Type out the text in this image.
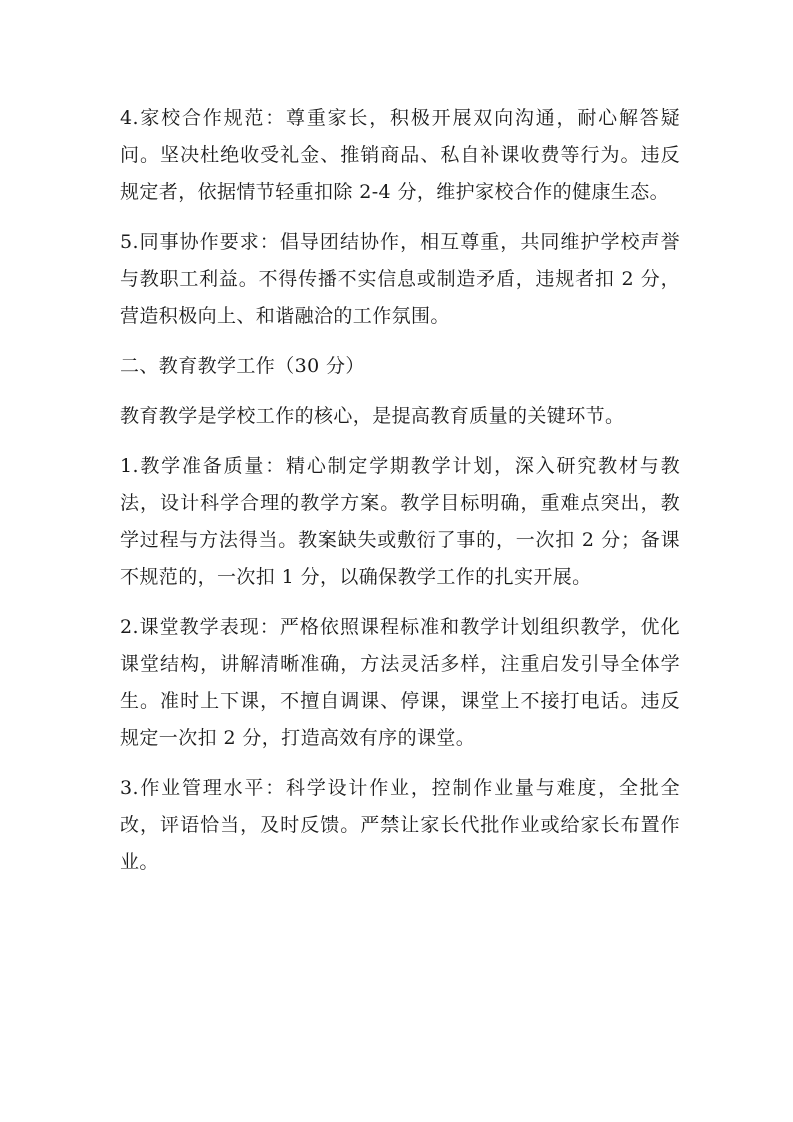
4.家校合作规范：尊重家长，积极开展双向沟通，耐心解答疑问。坚决杜绝收受礼金、推销商品、私自补课收费等行为。违反规定者，依据情节轻重扣除 2-4 分，维护家校合作的健康生态。

5.同事协作要求：倡导团结协作，相互尊重，共同维护学校声誉与教职工利益。不得传播不实信息或制造矛盾，违规者扣 2 分，营造积极向上、和谐融洽的工作氛围。

二、教育教学工作（30 分）

教育教学是学校工作的核心，是提高教育质量的关键环节。

1.教学准备质量：精心制定学期教学计划，深入研究教材与教法，设计科学合理的教学方案。教学目标明确，重难点突出，教学过程与方法得当。教案缺失或敷衍了事的，一次扣 2 分；备课不规范的，一次扣 1 分，以确保教学工作的扎实开展。

2.课堂教学表现：严格依照课程标准和教学计划组织教学，优化课堂结构，讲解清晰准确，方法灵活多样，注重启发引导全体学生。准时上下课，不擅自调课、停课，课堂上不接打电话。违反规定一次扣 2 分，打造高效有序的课堂。

3.作业管理水平：科学设计作业，控制作业量与难度，全批全改，评语恰当，及时反馈。严禁让家长代批作业或给家长布置作业。
